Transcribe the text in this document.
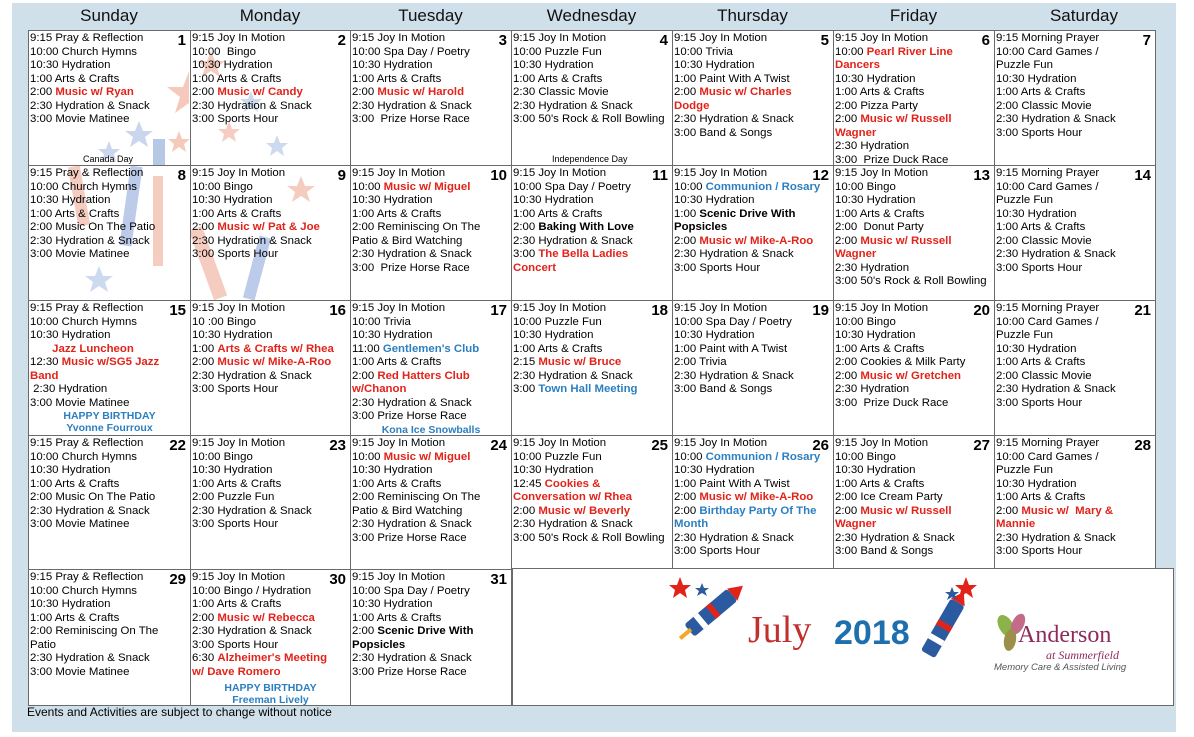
Sunday	Monday	Tuesday	Wednesday	Thursday	Friday	Saturday
1
9:15 Pray & Reflection
10:00 Church Hymns
10:30 Hydration
1:00 Arts & Crafts
2:00 Music w/ Ryan
2:30 Hydration & Snack
3:00 Movie Matinee
Canada Day
2
9:15 Joy In Motion
10:00  Bingo
10:30 Hydration
1:00 Arts & Crafts
2:00 Music w/ Candy
2:30 Hydration & Snack
3:00 Sports Hour
3
9:15 Joy In Motion
10:00 Spa Day / Poetry
10:30 Hydration
1:00 Arts & Crafts
2:00 Music w/ Harold
2:30 Hydration & Snack
3:00  Prize Horse Race
4
9:15 Joy In Motion
10:00 Puzzle Fun
10:30 Hydration
1:00 Arts & Crafts
2:30 Classic Movie
2:30 Hydration & Snack
3:00 50's Rock & Roll Bowling
Independence Day
5
9:15 Joy In Motion
10:00 Trivia
10:30 Hydration
1:00 Paint With A Twist
2:00 Music w/ Charles
Dodge
2:30 Hydration & Snack
3:00 Band & Songs
6
9:15 Joy In Motion
10:00 Pearl River Line
Dancers
10:30 Hydration
1:00 Arts & Crafts
2:00 Pizza Party
2:00 Music w/ Russell
Wagner
2:30 Hydration
3:00  Prize Duck Race
7
9:15 Morning Prayer
10:00 Card Games /
Puzzle Fun
10:30 Hydration
1:00 Arts & Crafts
2:00 Classic Movie
2:30 Hydration & Snack
3:00 Sports Hour
8
9:15 Pray & Reflection
10:00 Church Hymns
10:30 Hydration
1:00 Arts & Crafts
2:00 Music On The Patio
2:30 Hydration & Snack
3:00 Movie Matinee
9
9:15 Joy In Motion
10:00 Bingo
10:30 Hydration
1:00 Arts & Crafts
2:00 Music w/ Pat & Joe
2:30 Hydration & Snack
3:00 Sports Hour
10
9:15 Joy In Motion
10:00 Music w/ Miguel
10:30 Hydration
1:00 Arts & Crafts
2:00 Reminiscing On The
Patio & Bird Watching
2:30 Hydration & Snack
3:00  Prize Horse Race
11
9:15 Joy In Motion
10:00 Spa Day / Poetry
10:30 Hydration
1:00 Arts & Crafts
2:00 Baking With Love
2:30 Hydration & Snack
3:00 The Bella Ladies
Concert
12
9:15 Joy In Motion
10:00 Communion / Rosary
10:30 Hydration
1:00 Scenic Drive With
Popsicles
2:00 Music w/ Mike-A-Roo
2:30 Hydration & Snack
3:00 Sports Hour
13
9:15 Joy In Motion
10:00 Bingo
10:30 Hydration
1:00 Arts & Crafts
2:00  Donut Party
2:00 Music w/ Russell
Wagner
2:30 Hydration
3:00 50's Rock & Roll Bowling
14
9:15 Morning Prayer
10:00 Card Games /
Puzzle Fun
10:30 Hydration
1:00 Arts & Crafts
2:00 Classic Movie
2:30 Hydration & Snack
3:00 Sports Hour
15
9:15 Pray & Reflection
10:00 Church Hymns
10:30 Hydration
Jazz Luncheon
12:30 Music w/SG5 Jazz
Band
2:30 Hydration
3:00 Movie Matinee
HAPPY BIRTHDAY
Yvonne Fourroux
16
9:15 Joy In Motion
10 :00 Bingo
10:30 Hydration
1:00 Arts & Crafts w/ Rhea
2:00 Music w/ Mike-A-Roo
2:30 Hydration & Snack
3:00 Sports Hour
17
9:15 Joy In Motion
10:00 Trivia
10:30 Hydration
11:00 Gentlemen's Club
1:00 Arts & Crafts
2:00 Red Hatters Club
w/Chanon
2:30 Hydration & Snack
3:00 Prize Horse Race
Kona Ice Snowballs
18
9:15 Joy In Motion
10:00 Puzzle Fun
10:30 Hydration
1:00 Arts & Crafts
2:15 Music w/ Bruce
2:30 Hydration & Snack
3:00 Town Hall Meeting
19
9:15 Joy In Motion
10:00 Spa Day / Poetry
10:30 Hydration
1:00 Paint with A Twist
2:00 Trivia
2:30 Hydration & Snack
3:00 Band & Songs
20
9:15 Joy In Motion
10:00 Bingo
10:30 Hydration
1:00 Arts & Crafts
2:00 Cookies & Milk Party
2:00 Music w/ Gretchen
2:30 Hydration
3:00  Prize Duck Race
21
9:15 Morning Prayer
10:00 Card Games /
Puzzle Fun
10:30 Hydration
1:00 Arts & Crafts
2:00 Classic Movie
2:30 Hydration & Snack
3:00 Sports Hour
22
9:15 Pray & Reflection
10:00 Church Hymns
10:30 Hydration
1:00 Arts & Crafts
2:00 Music On The Patio
2:30 Hydration & Snack
3:00 Movie Matinee
23
9:15 Joy In Motion
10:00 Bingo
10:30 Hydration
1:00 Arts & Crafts
2:00 Puzzle Fun
2:30 Hydration & Snack
3:00 Sports Hour
24
9:15 Joy In Motion
10:00 Music w/ Miguel
10:30 Hydration
1:00 Arts & Crafts
2:00 Reminiscing On The
Patio & Bird Watching
2:30 Hydration & Snack
3:00 Prize Horse Race
25
9:15 Joy In Motion
10:00 Puzzle Fun
10:30 Hydration
12:45 Cookies &
Conversation w/ Rhea
2:00 Music w/ Beverly
2:30 Hydration & Snack
3:00 50's Rock & Roll Bowling
26
9:15 Joy In Motion
10:00 Communion / Rosary
10:30 Hydration
1:00 Paint With A Twist
2:00 Music w/ Mike-A-Roo
2:00 Birthday Party Of The
Month
2:30 Hydration & Snack
3:00 Sports Hour
27
9:15 Joy In Motion
10:00 Bingo
10:30 Hydration
1:00 Arts & Crafts
2:00 Ice Cream Party
2:00 Music w/ Russell
Wagner
2:30 Hydration & Snack
3:00 Band & Songs
28
9:15 Morning Prayer
10:00 Card Games /
Puzzle Fun
10:30 Hydration
1:00 Arts & Crafts
2:00 Music w/  Mary &
Mannie
2:30 Hydration & Snack
3:00 Sports Hour
29
9:15 Pray & Reflection
10:00 Church Hymns
10:30 Hydration
1:00 Arts & Crafts
2:00 Reminiscing On The
Patio
2:30 Hydration & Snack
3:00 Movie Matinee
30
9:15 Joy In Motion
10:00 Bingo / Hydration
1:00 Arts & Crafts
2:00 Music w/ Rebecca
2:30 Hydration & Snack
3:00 Sports Hour
6:30 Alzheimer's Meeting
w/ Dave Romero
HAPPY BIRTHDAY
Freeman Lively
31
9:15 Joy In Motion
10:00 Spa Day / Poetry
10:30 Hydration
1:00 Arts & Crafts
2:00 Scenic Drive With
Popsicles
2:30 Hydration & Snack
3:00 Prize Horse Race
July 2018	Anderson
at Summerfield
Memory Care & Assisted Living
Events and Activities are subject to change without notice
